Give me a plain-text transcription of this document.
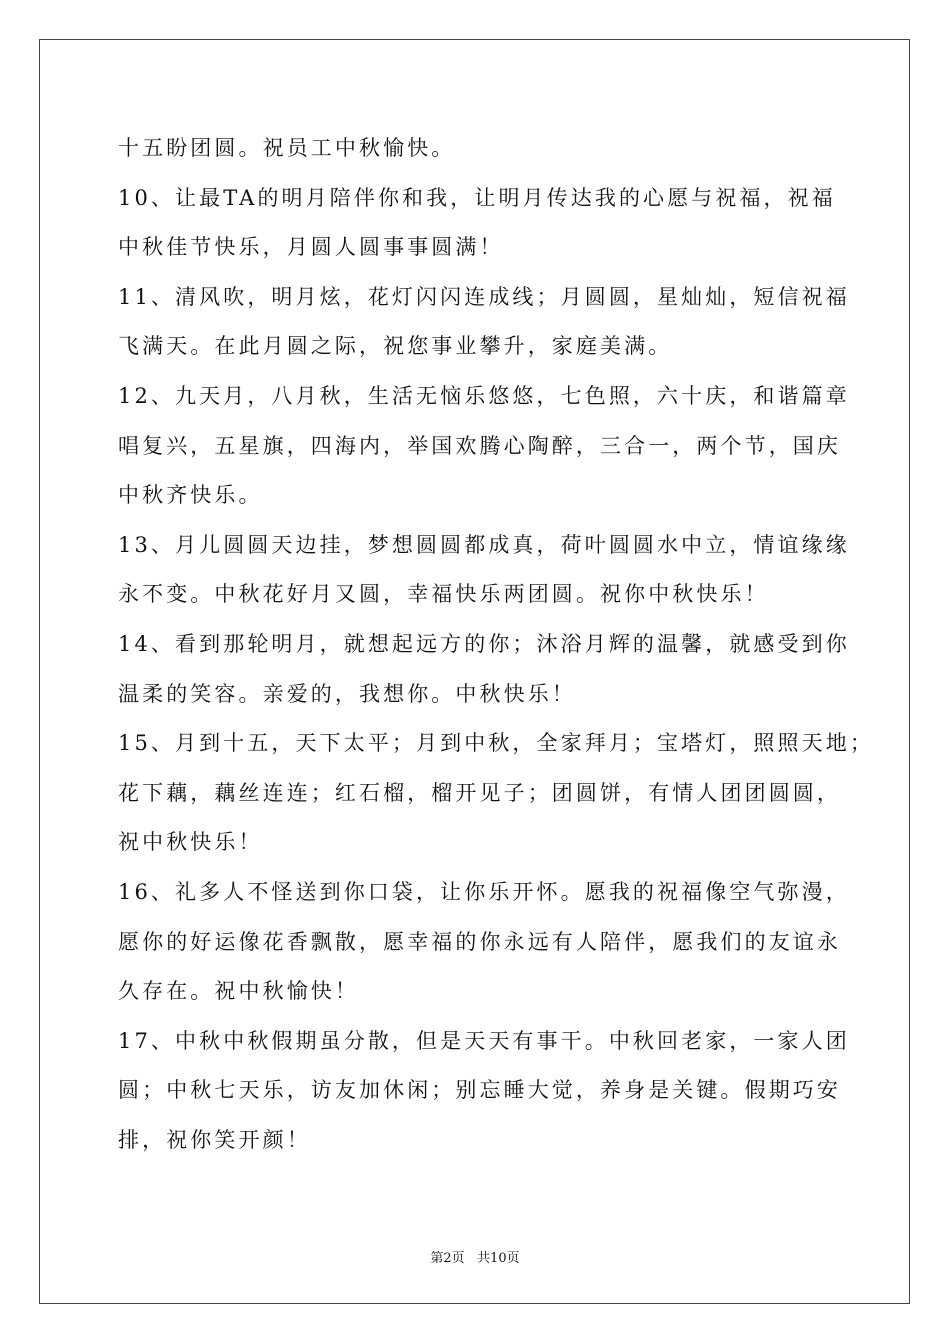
十五盼团圆。祝员工中秋愉快。
10、让最TA的明月陪伴你和我，让明月传达我的心愿与祝福，祝福
中秋佳节快乐，月圆人圆事事圆满！
11、清风吹，明月炫，花灯闪闪连成线；月圆圆，星灿灿，短信祝福
飞满天。在此月圆之际，祝您事业攀升，家庭美满。
12、九天月，八月秋，生活无恼乐悠悠，七色照，六十庆，和谐篇章
唱复兴，五星旗，四海内，举国欢腾心陶醉，三合一，两个节，国庆
中秋齐快乐。
13、月儿圆圆天边挂，梦想圆圆都成真，荷叶圆圆水中立，情谊缘缘
永不变。中秋花好月又圆，幸福快乐两团圆。祝你中秋快乐！
14、看到那轮明月，就想起远方的你；沐浴月辉的温馨，就感受到你
温柔的笑容。亲爱的，我想你。中秋快乐！
15、月到十五，天下太平；月到中秋，全家拜月；宝塔灯，照照天地；
花下藕，藕丝连连；红石榴，榴开见子；团圆饼，有情人团团圆圆，
祝中秋快乐！
16、礼多人不怪送到你口袋，让你乐开怀。愿我的祝福像空气弥漫，
愿你的好运像花香飘散，愿幸福的你永远有人陪伴，愿我们的友谊永
久存在。祝中秋愉快！
17、中秋中秋假期虽分散，但是天天有事干。中秋回老家，一家人团
圆；中秋七天乐，访友加休闲；别忘睡大觉，养身是关键。假期巧安
排，祝你笑开颜！
第2页   共10页
